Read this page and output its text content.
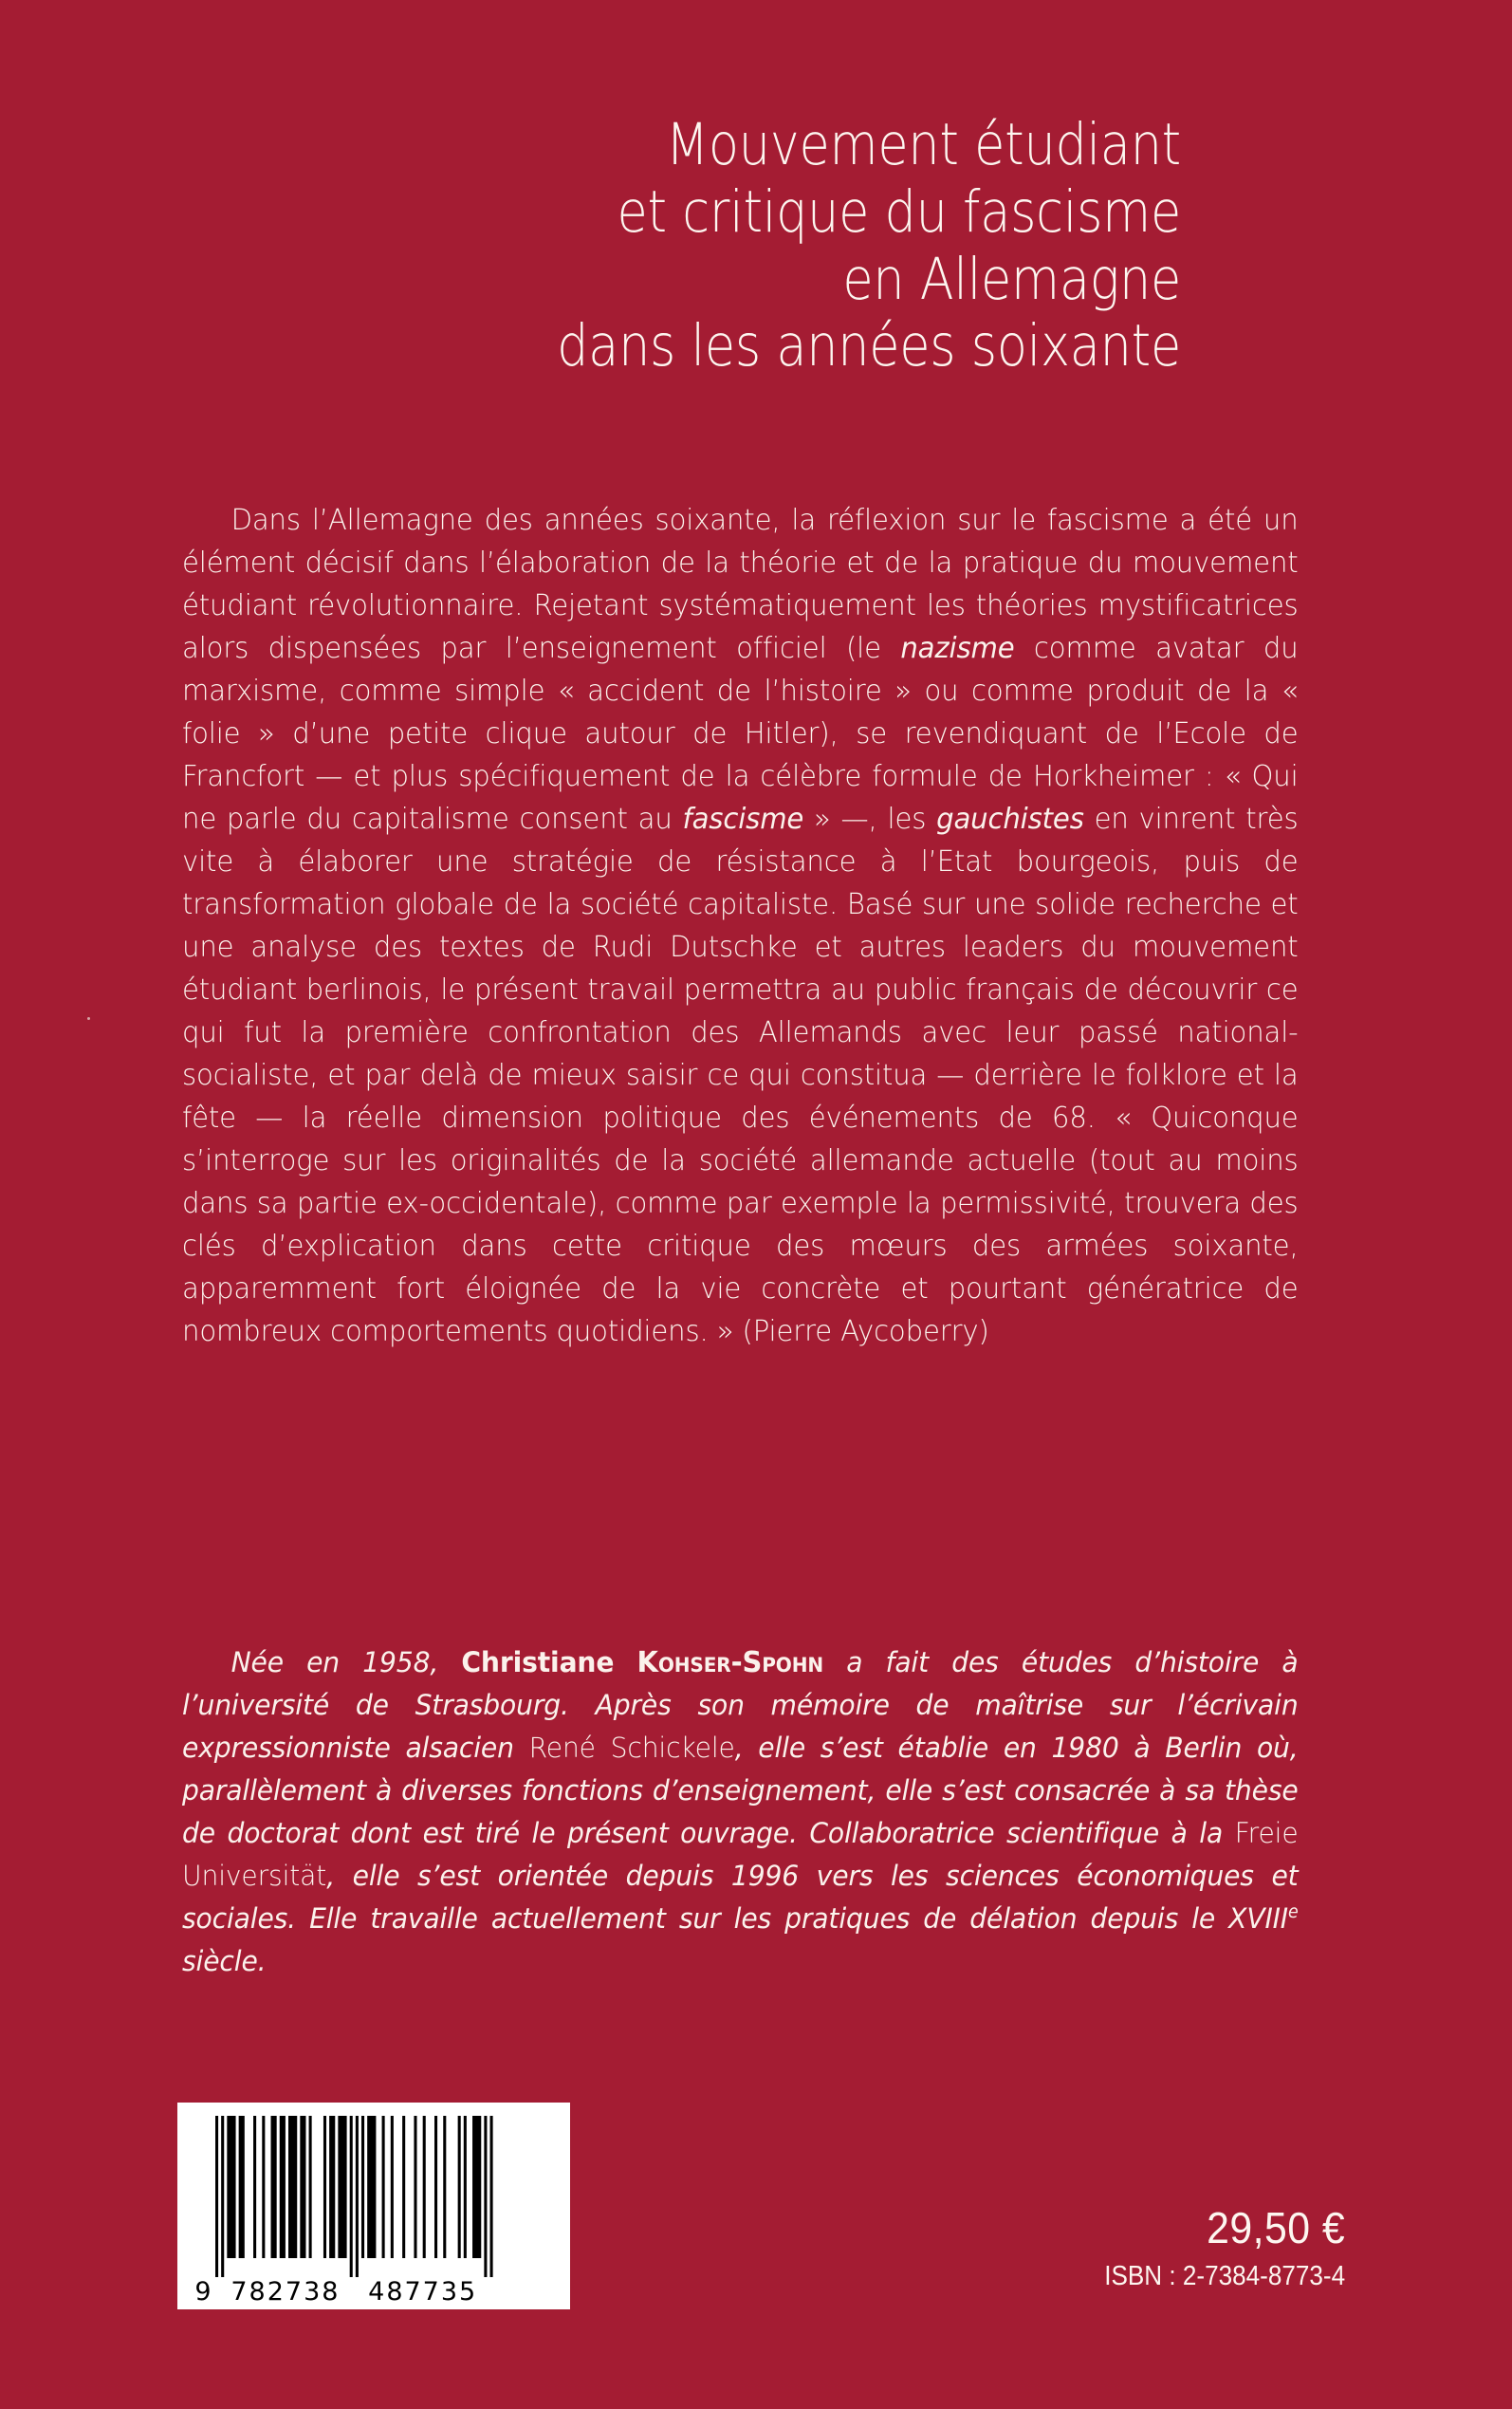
Mouvement étudiant
et critique du fascisme
en Allemagne
dans les années soixante

Dans l’Allemagne des années soixante, la réflexion sur le fascisme a été un élément décisif dans l’élaboration de la théorie et de la pratique du mouvement étudiant révolutionnaire. Rejetant systématiquement les théories mystificatrices alors dispensées par l’enseignement officiel (le nazisme comme avatar du marxisme, comme simple « accident de l’histoire » ou comme produit de la « folie » d’une petite clique autour de Hitler), se revendiquant de l’Ecole de Francfort — et plus spécifiquement de la célèbre formule de Horkheimer : « Qui ne parle du capitalisme consent au fascisme » —, les gauchistes en vinrent très vite à élaborer une stratégie de résistance à l’Etat bourgeois, puis de transformation globale de la société capitaliste. Basé sur une solide recherche et une analyse des textes de Rudi Dutschke et autres leaders du mouvement étudiant berlinois, le présent travail permettra au public français de découvrir ce qui fut la première confrontation des Allemands avec leur passé national-socialiste, et par delà de mieux saisir ce qui constitua — derrière le folklore et la fête — la réelle dimension politique des événements de 68. « Quiconque s’interroge sur les originalités de la société allemande actuelle (tout au moins dans sa partie ex-occidentale), comme par exemple la permissivité, trouvera des clés d’explication dans cette critique des mœurs des armées soixante, apparemment fort éloignée de la vie concrète et pourtant génératrice de nombreux comportements quotidiens. » (Pierre Aycoberry)

Née en 1958, Christiane Kohser-Spohn a fait des études d’histoire à l’université de Strasbourg. Après son mémoire de maîtrise sur l’écrivain expressionniste alsacien René Schickele, elle s’est établie en 1980 à Berlin où, parallèlement à diverses fonctions d’enseignement, elle s’est consacrée à sa thèse de doctorat dont est tiré le présent ouvrage. Collaboratrice scientifique à la Freie Universität, elle s’est orientée depuis 1996 vers les sciences économiques et sociales. Elle travaille actuellement sur les pratiques de délation depuis le XVIIIe siècle.

9 782738 487735
29,50 €
ISBN : 2-7384-8773-4
